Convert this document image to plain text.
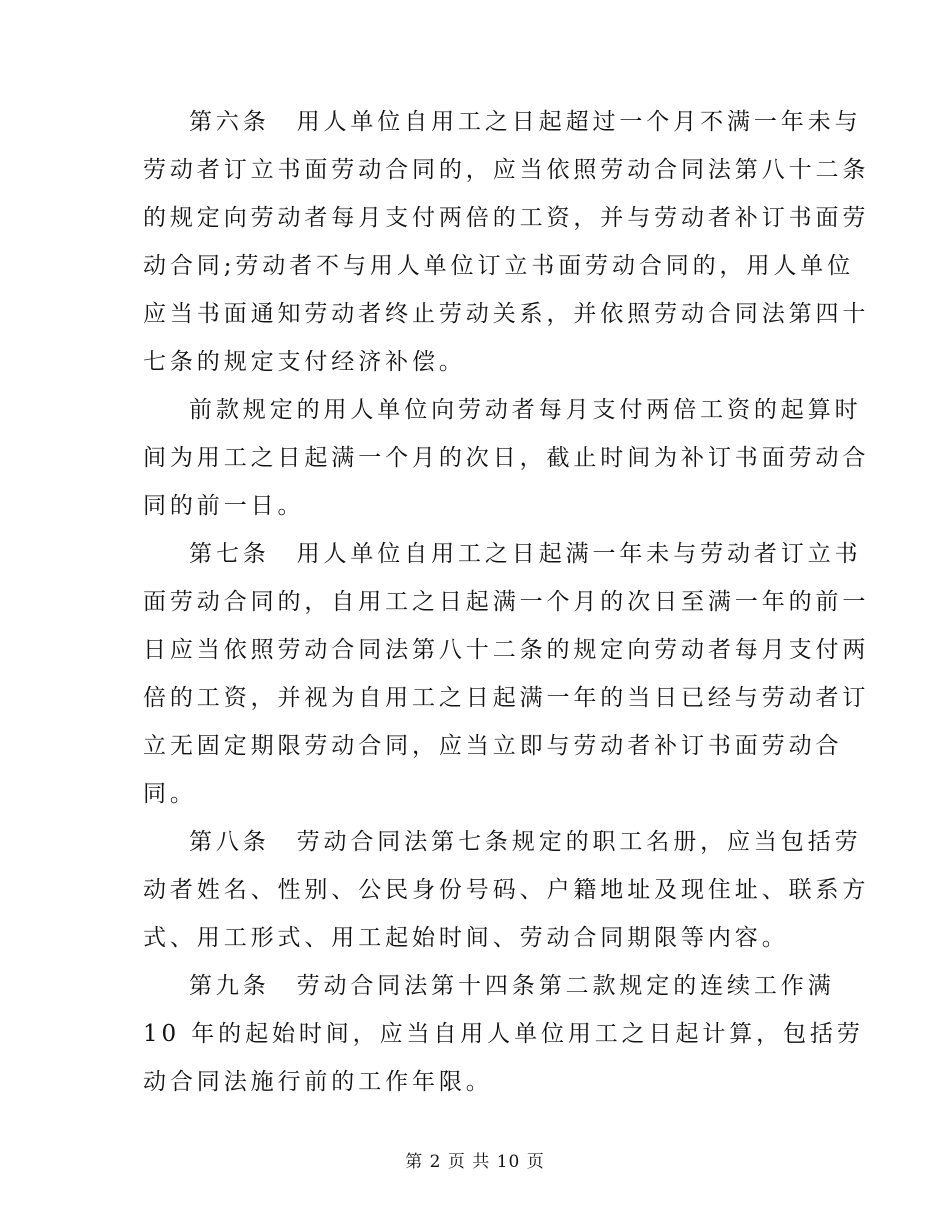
第六条　用人单位自用工之日起超过一个月不满一年未与
劳动者订立书面劳动合同的，应当依照劳动合同法第八十二条
的规定向劳动者每月支付两倍的工资，并与劳动者补订书面劳
动合同;劳动者不与用人单位订立书面劳动合同的，用人单位
应当书面通知劳动者终止劳动关系，并依照劳动合同法第四十
七条的规定支付经济补偿。
前款规定的用人单位向劳动者每月支付两倍工资的起算时
间为用工之日起满一个月的次日，截止时间为补订书面劳动合
同的前一日。
第七条　用人单位自用工之日起满一年未与劳动者订立书
面劳动合同的，自用工之日起满一个月的次日至满一年的前一
日应当依照劳动合同法第八十二条的规定向劳动者每月支付两
倍的工资，并视为自用工之日起满一年的当日已经与劳动者订
立无固定期限劳动合同，应当立即与劳动者补订书面劳动合
同。
第八条　劳动合同法第七条规定的职工名册，应当包括劳
动者姓名、性别、公民身份号码、户籍地址及现住址、联系方
式、用工形式、用工起始时间、劳动合同期限等内容。
第九条　劳动合同法第十四条第二款规定的连续工作满
10 年的起始时间，应当自用人单位用工之日起计算，包括劳
动合同法施行前的工作年限。
第 2 页 共 10 页
